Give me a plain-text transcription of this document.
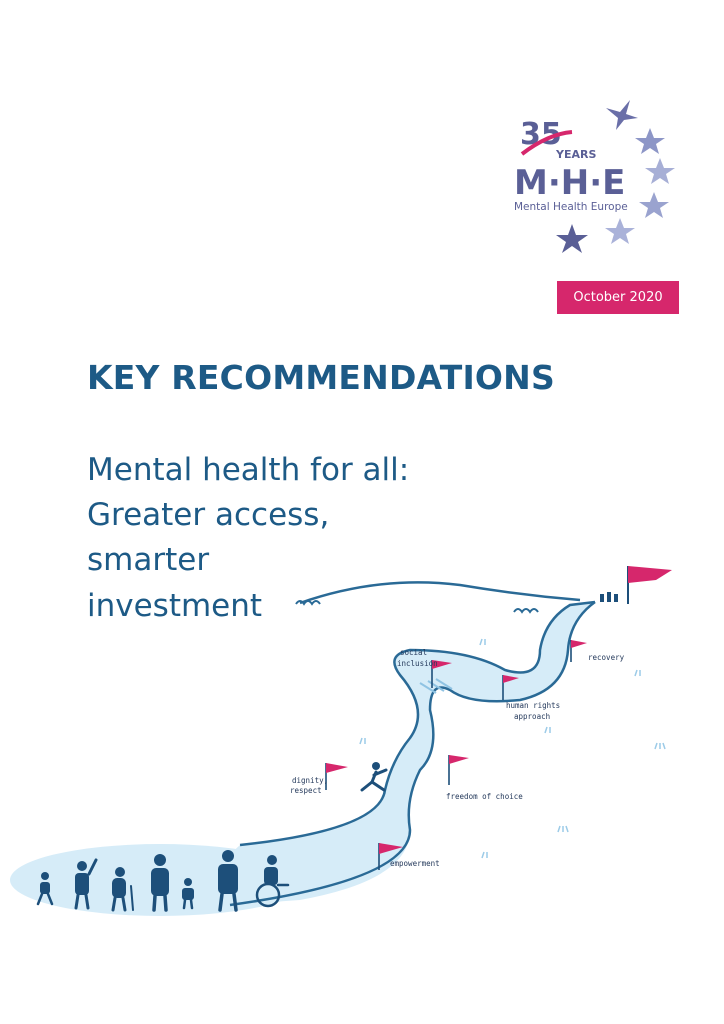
35
YEARS
M·H·E
Mental Health Europe
October 2020
KEY RECOMMENDATIONS

Mental health for all:

Greater access,

smarter

investment

social
inclusion
recovery
human rights
approach
dignity,
respect
freedom of choice
empowerment
